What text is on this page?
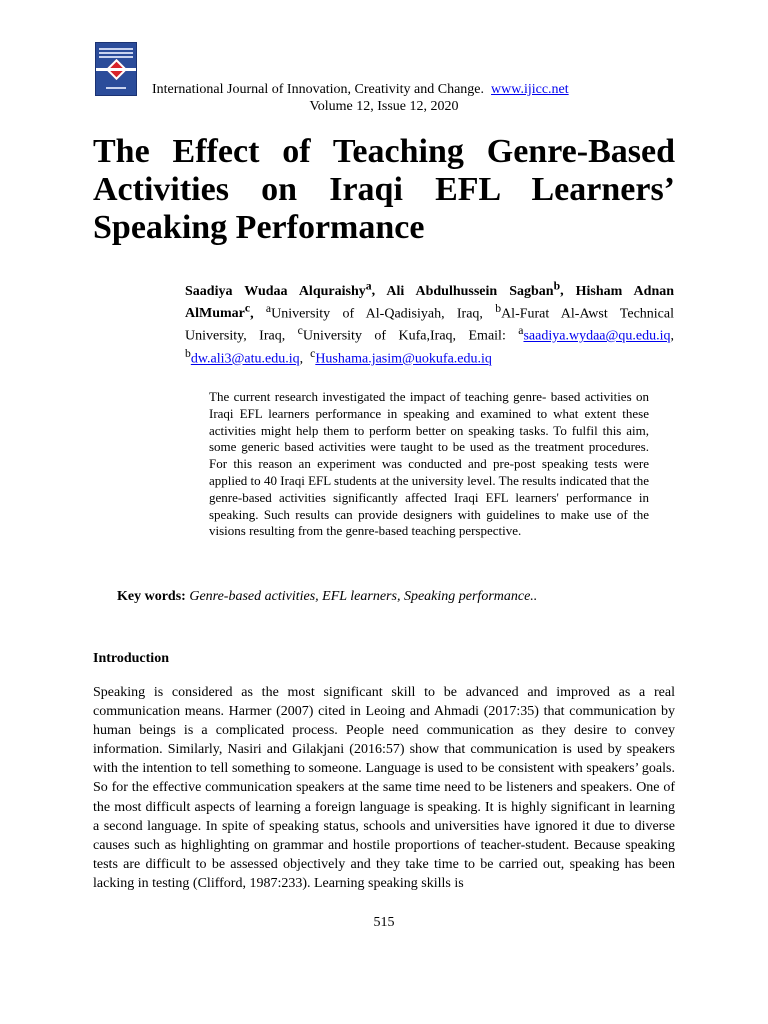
International Journal of Innovation, Creativity and Change. www.ijicc.net
Volume 12, Issue 12, 2020
The Effect of Teaching Genre-Based Activities on Iraqi EFL Learners’ Speaking Performance

Saadiya Wudaa Alquraishy$^a$, Ali Abdulhussein Sagban$^b$, Hisham Adnan AlMumar$^c$, $^a$University of Al-Qadisiyah, Iraq, $^b$Al-Furat Al-Awst Technical University, Iraq, $^c$University of Kufa,Iraq, Email: $^a$saadiya.wydaa@qu.edu.iq, $^b$dw.ali3@atu.edu.iq,  $^c$Hushama.jasim@uokufa.edu.iq

The current research investigated the impact of teaching genre- based activities on Iraqi EFL learners performance in speaking and examined to what extent these activities might help them to perform better on speaking tasks. To fulfil this aim, some generic based activities were taught to be used as the treatment procedures. For this reason an experiment was conducted and pre-post speaking tests were applied to 40 Iraqi EFL students at the university level. The results indicated that the genre-based activities significantly affected Iraqi EFL learners' performance in speaking. Such results can provide designers with guidelines to make use of the visions resulting from the genre-based teaching perspective.

Key words: Genre-based activities, EFL learners, Speaking performance..

Introduction

Speaking is considered as the most significant skill to be advanced and improved as a real communication means. Harmer (2007) cited in Leoing and Ahmadi (2017:35) that communication by human beings is a complicated process. People need communication as they desire to convey information. Similarly, Nasiri and Gilakjani (2016:57) show that communication is used by speakers with the intention to tell something to someone. Language is used to be consistent with speakers’ goals. So for the effective communication speakers at the same time need to be listeners and speakers. One of the most difficult aspects of learning a foreign language is speaking. It is highly significant in learning a second language. In spite of speaking status, schools and universities have ignored it due to diverse causes such as highlighting on grammar and hostile proportions of teacher-student. Because speaking tests are difficult to be assessed objectively and they take time to be carried out, speaking has been lacking in testing (Clifford, 1987:233). Learning speaking skills is

515
